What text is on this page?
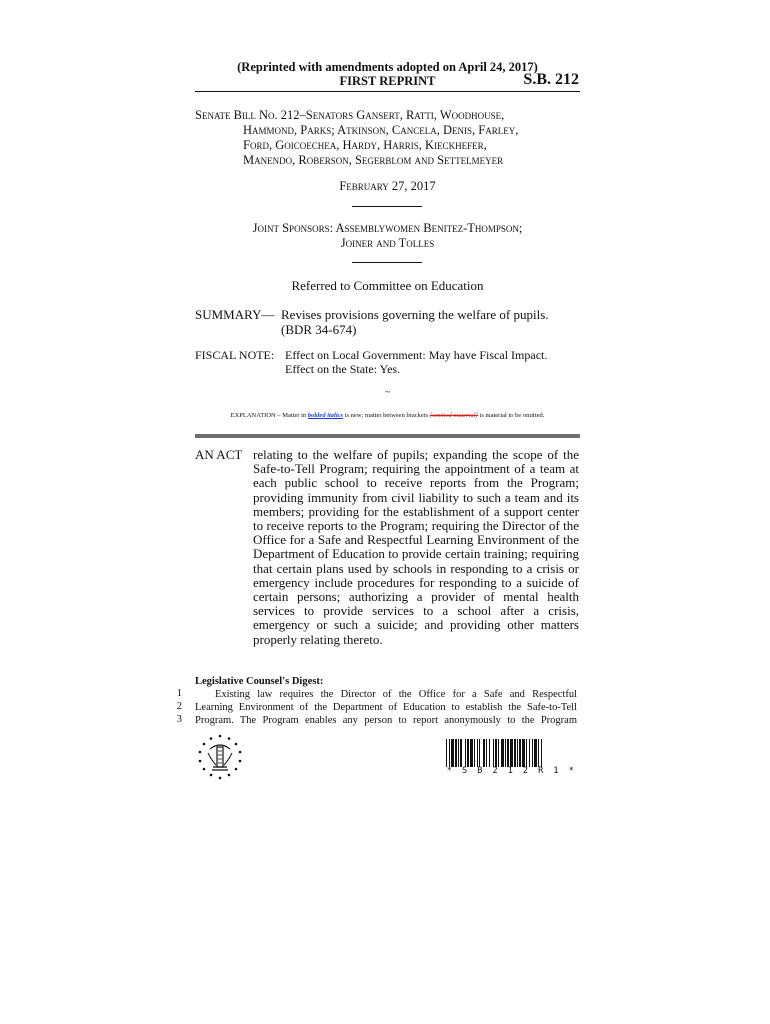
(Reprinted with amendments adopted on April 24, 2017)
FIRST REPRINT	S.B. 212
Senate Bill No. 212–Senators Gansert, Ratti, Woodhouse,
Hammond, Parks; Atkinson, Cancela, Denis, Farley,
Ford, Goicoechea, Hardy, Harris, Kieckhefer,
Manendo, Roberson, Segerblom and Settelmeyer
February 27, 2017
Joint Sponsors: Assemblywomen Benitez-Thompson;
Joiner and Tolles
Referred to Committee on Education
SUMMARY— Revises provisions governing the welfare of pupils.
(BDR 34-674)
FISCAL NOTE: Effect on Local Government: May have Fiscal Impact.
Effect on the State: Yes.
~
EXPLANATION – Matter in bolded italics is new; matter between brackets [omitted material] is material to be omitted.
AN ACT relating to the welfare of pupils; expanding the scope of the Safe-to-Tell Program; requiring the appointment of a team at each public school to receive reports from the Program; providing immunity from civil liability to such a team and its members; providing for the establishment of a support center to receive reports to the Program; requiring the Director of the Office for a Safe and Respectful Learning Environment of the Department of Education to provide certain training; requiring that certain plans used by schools in responding to a crisis or emergency include procedures for responding to a suicide of certain persons; authorizing a provider of mental health services to provide services to a school after a crisis, emergency or such a suicide; and providing other matters properly relating thereto.
Legislative Counsel's Digest:
1	Existing law requires the Director of the Office for a Safe and Respectful
2 Learning Environment of the Department of Education to establish the Safe-to-Tell
3 Program. The Program enables any person to report anonymously to the Program
* S B 2 1 2 R 1 *
